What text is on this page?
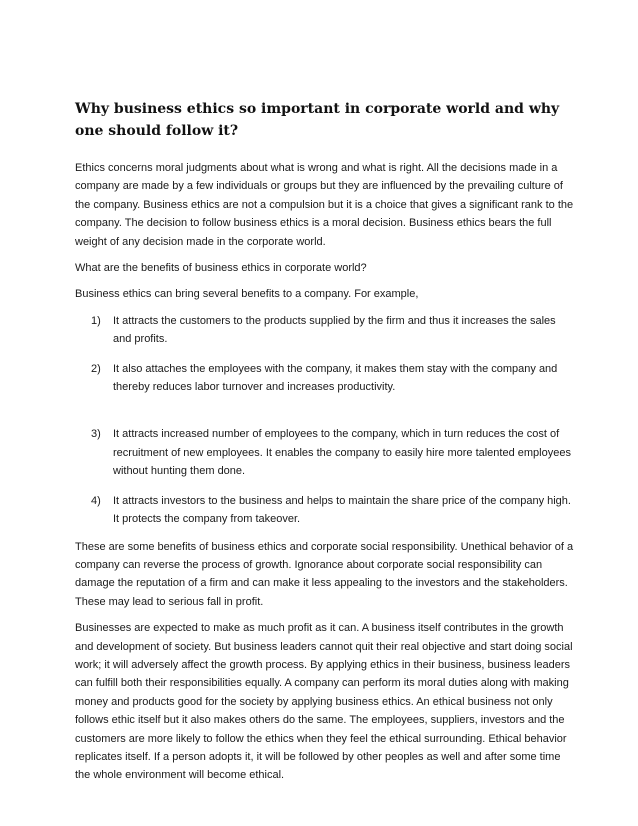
Why business ethics so important in corporate world and why one should follow it?

Ethics concerns moral judgments about what is wrong and what is right. All the decisions made in a company are made by a few individuals or groups but they are influenced by the prevailing culture of the company. Business ethics are not a compulsion but it is a choice that gives a significant rank to the company. The decision to follow business ethics is a moral decision. Business ethics bears the full weight of any decision made in the corporate world.

What are the benefits of business ethics in corporate world?

Business ethics can bring several benefits to a company. For example,

1) It attracts the customers to the products supplied by the firm and thus it increases the sales and profits.
2) It also attaches the employees with the company, it makes them stay with the company and thereby reduces labor turnover and increases productivity.
3) It attracts increased number of employees to the company, which in turn reduces the cost of recruitment of new employees. It enables the company to easily hire more talented employees without hunting them done.
4) It attracts investors to the business and helps to maintain the share price of the company high. It protects the company from takeover.

These are some benefits of business ethics and corporate social responsibility. Unethical behavior of a company can reverse the process of growth. Ignorance about corporate social responsibility can damage the reputation of a firm and can make it less appealing to the investors and the stakeholders. These may lead to serious fall in profit.

Businesses are expected to make as much profit as it can. A business itself contributes in the growth and development of society. But business leaders cannot quit their real objective and start doing social work; it will adversely affect the growth process. By applying ethics in their business, business leaders can fulfill both their responsibilities equally. A company can perform its moral duties along with making money and products good for the society by applying business ethics. An ethical business not only follows ethic itself but it also makes others do the same. The employees, suppliers, investors and the customers are more likely to follow the ethics when they feel the ethical surrounding. Ethical behavior replicates itself. If a person adopts it, it will be followed by other peoples as well and after some time the whole environment will become ethical.
